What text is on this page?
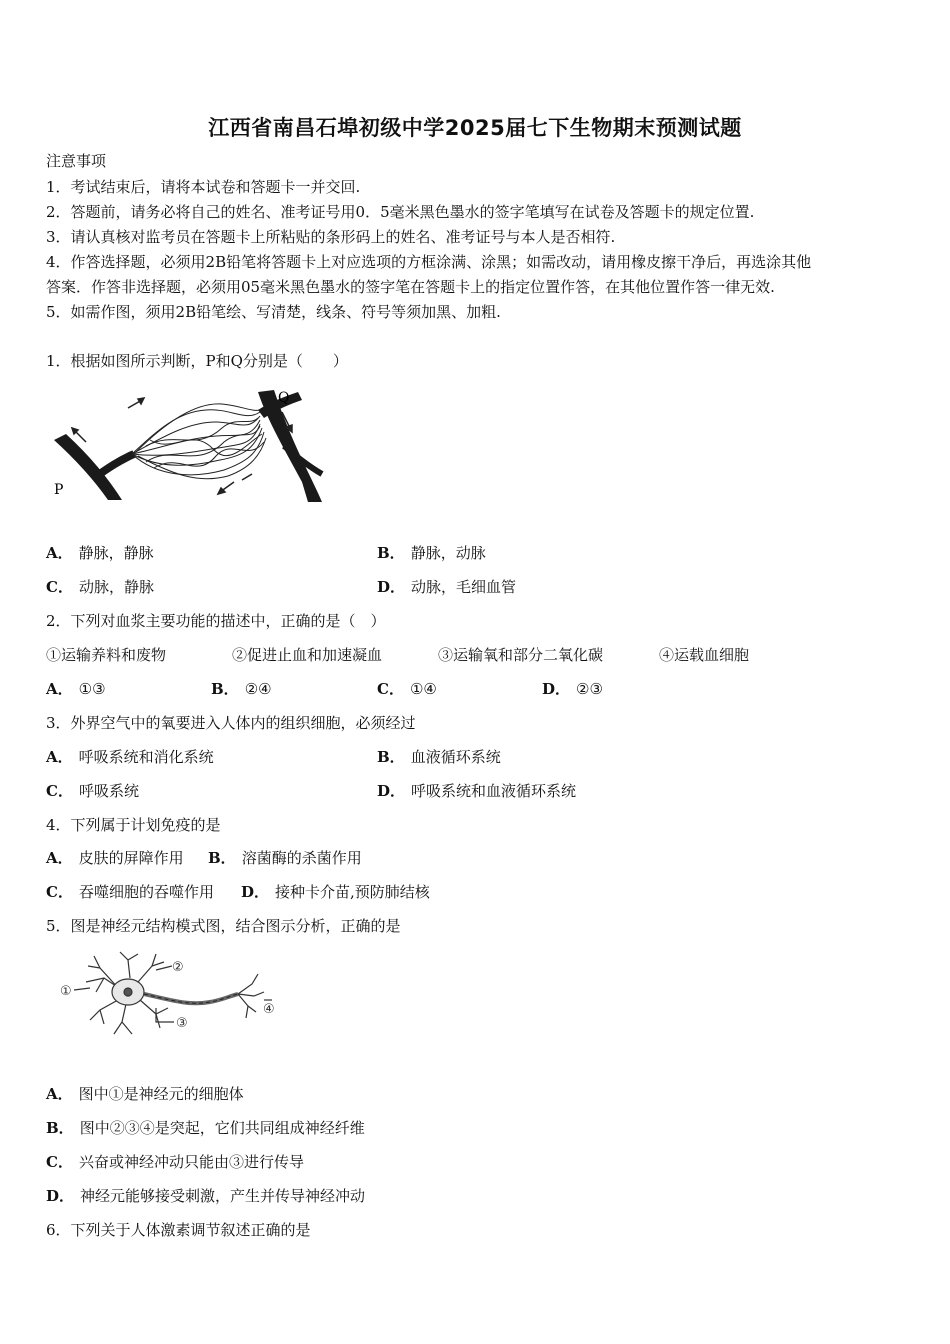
江西省南昌石埠初级中学2025届七下生物期末预测试题
注意事项
1．考试结束后，请将本试卷和答题卡一并交回.
2．答题前，请务必将自己的姓名、准考证号用0．5毫米黑色墨水的签字笔填写在试卷及答题卡的规定位置.
3．请认真核对监考员在答题卡上所粘贴的条形码上的姓名、准考证号与本人是否相符.
4．作答选择题，必须用2B铅笔将答题卡上对应选项的方框涂满、涂黑；如需改动，请用橡皮擦干净后，再选涂其他
答案．作答非选择题，必须用05毫米黑色墨水的签字笔在答题卡上的指定位置作答，在其他位置作答一律无效.
5．如需作图，须用2B铅笔绘、写清楚，线条、符号等须加黑、加粗.
1．根据如图所示判断，P和Q分别是（　　）
P
Q
A． 静脉，静脉	B． 静脉，动脉
C． 动脉，静脉	D． 动脉，毛细血管
2．下列对血浆主要功能的描述中，正确的是（　）
①运输养料和废物	②促进止血和加速凝血	③运输氧和部分二氧化碳	④运载血细胞
A． ①③	B． ②④	C． ①④	D． ②③
3．外界空气中的氧要进入人体内的组织细胞，必须经过
A． 呼吸系统和消化系统	B． 血液循环系统
C． 呼吸系统	D． 呼吸系统和血液循环系统
4．下列属于计划免疫的是
A． 皮肤的屏障作用 B． 溶菌酶的杀菌作用
C． 吞噬细胞的吞噬作用 D． 接种卡介苗,预防肺结核
5．图是神经元结构模式图，结合图示分析，正确的是
①
②
③
④
A． 图中①是神经元的细胞体
B． 图中②③④是突起，它们共同组成神经纤维
C． 兴奋或神经冲动只能由③进行传导
D． 神经元能够接受刺激，产生并传导神经冲动
6．下列关于人体激素调节叙述正确的是
